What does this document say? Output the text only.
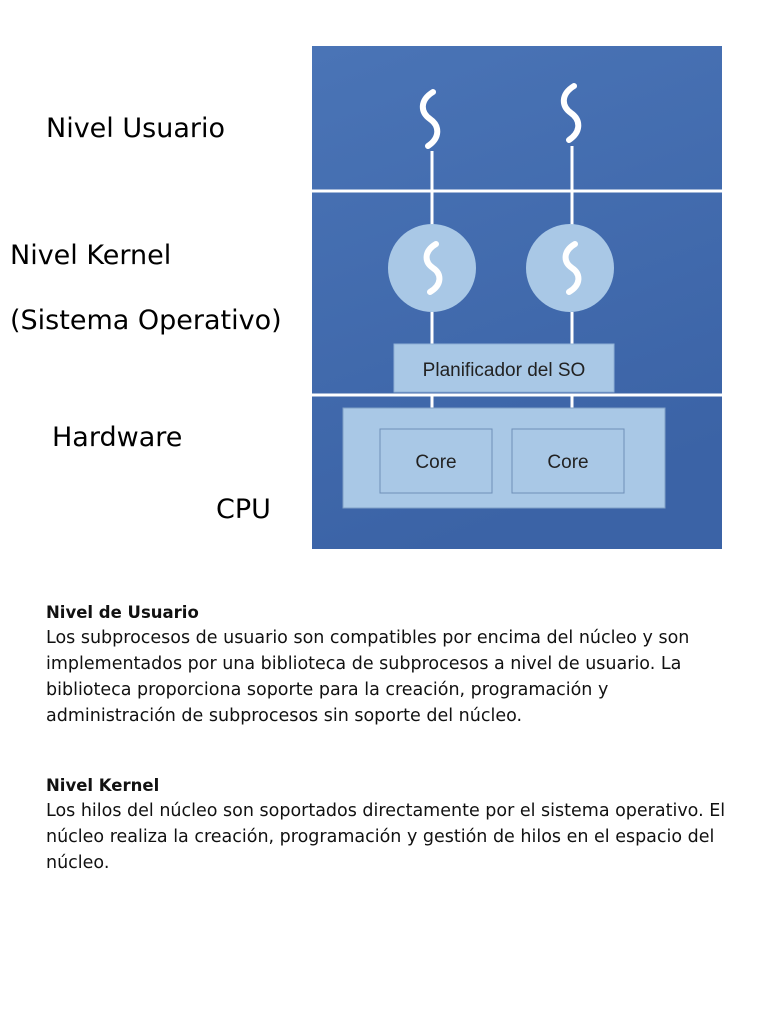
Nivel Usuario
Nivel Kernel
(Sistema Operativo)
Hardware
CPU
Planificador del SO
Core	Core
Nivel de Usuario

Los subprocesos de usuario son compatibles por encima del núcleo y son implementados por una biblioteca de subprocesos a nivel de usuario. La biblioteca proporciona soporte para la creación, programación y administración de subprocesos sin soporte del núcleo.

Nivel Kernel

Los hilos del núcleo son soportados directamente por el sistema operativo. El núcleo realiza la creación, programación y gestión de hilos en el espacio del núcleo.
